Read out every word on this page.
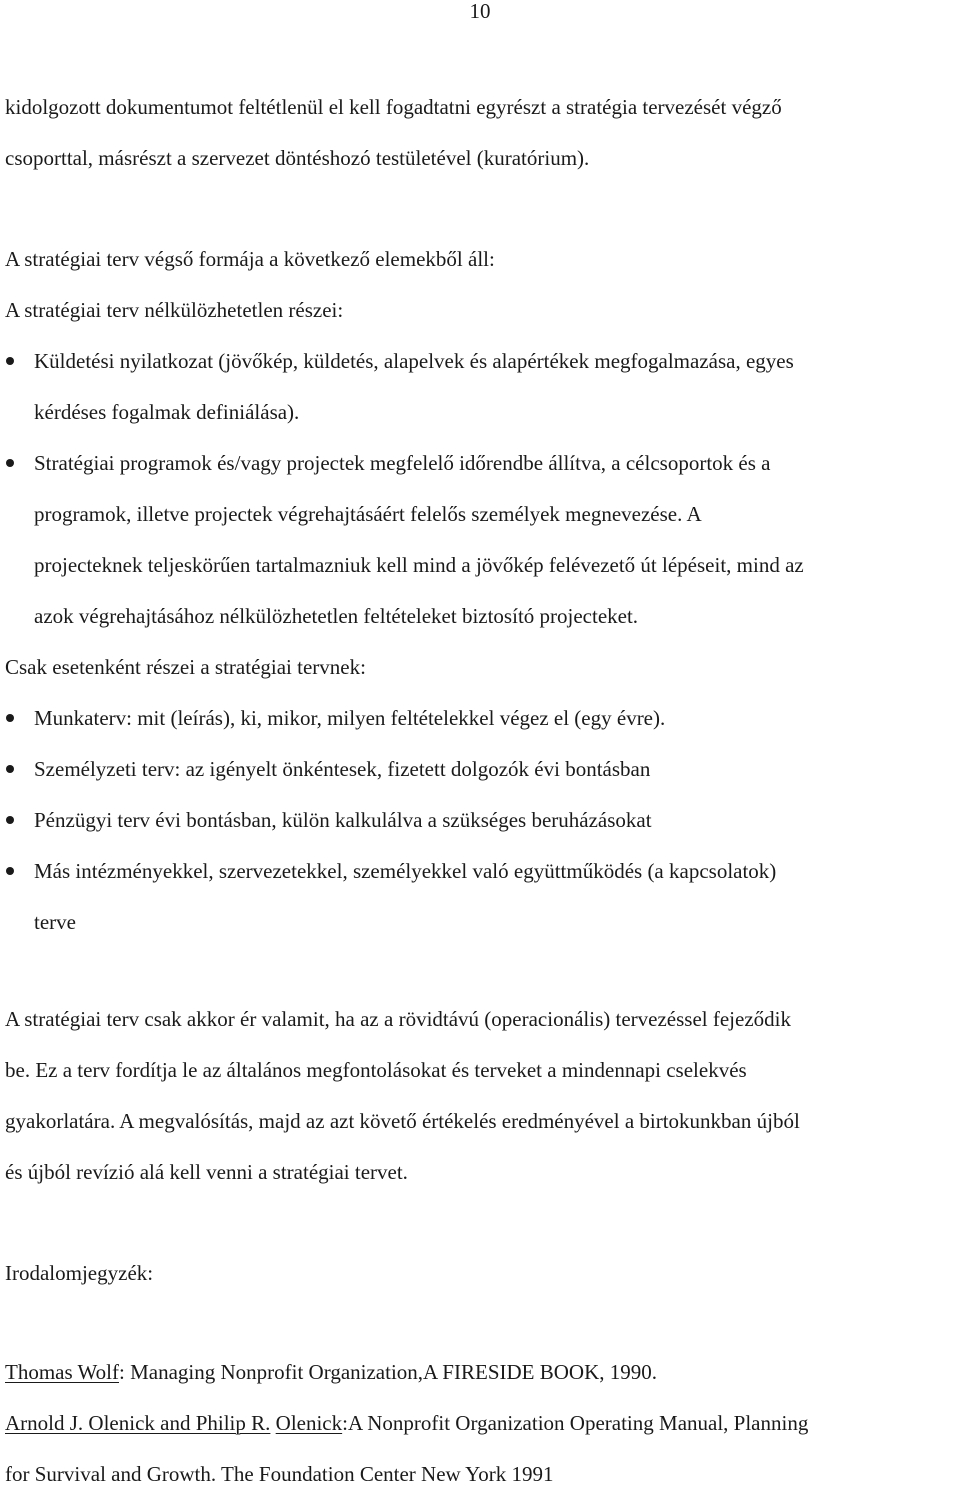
10

kidolgozott dokumentumot feltétlenül el kell fogadtatni egyrészt a stratégia tervezését végző
csoporttal, másrészt a szervezet döntéshozó testületével (kuratórium).

A stratégiai terv végső formája a következő elemekből áll:
A stratégiai terv nélkülözhetetlen részei:
Küldetési nyilatkozat (jövőkép, küldetés, alapelvek és alapértékek megfogalmazása, egyes
kérdéses fogalmak definiálása).
Stratégiai programok és/vagy projectek megfelelő időrendbe állítva, a célcsoportok és a
programok, illetve projectek végrehajtásáért felelős személyek megnevezése. A
projecteknek teljeskörűen tartalmazniuk kell mind a jövőkép felévezető út lépéseit, mind az
azok végrehajtásához nélkülözhetetlen feltételeket biztosító projecteket.
Csak esetenként részei a stratégiai tervnek:
Munkaterv: mit (leírás), ki, mikor, milyen feltételekkel végez el (egy évre).
Személyzeti terv: az igényelt önkéntesek, fizetett dolgozók évi bontásban
Pénzügyi terv évi bontásban, külön kalkulálva a szükséges beruházásokat
Más intézményekkel, szervezetekkel, személyekkel való együttműködés (a kapcsolatok)
terve

A stratégiai terv csak akkor ér valamit, ha az a rövidtávú (operacionális) tervezéssel fejeződik
be. Ez a terv fordítja le az általános megfontolásokat és terveket a mindennapi cselekvés
gyakorlatára. A megvalósítás, majd az azt követő értékelés eredményével a birtokunkban újból
és újból revízió alá kell venni a stratégiai tervet.

Irodalomjegyzék:
Thomas Wolf: Managing Nonprofit Organization,A FIRESIDE BOOK, 1990.
Arnold J. Olenick and Philip R. Olenick:A Nonprofit Organization Operating Manual, Planning
for Survival and Growth. The Foundation Center New York 1991
